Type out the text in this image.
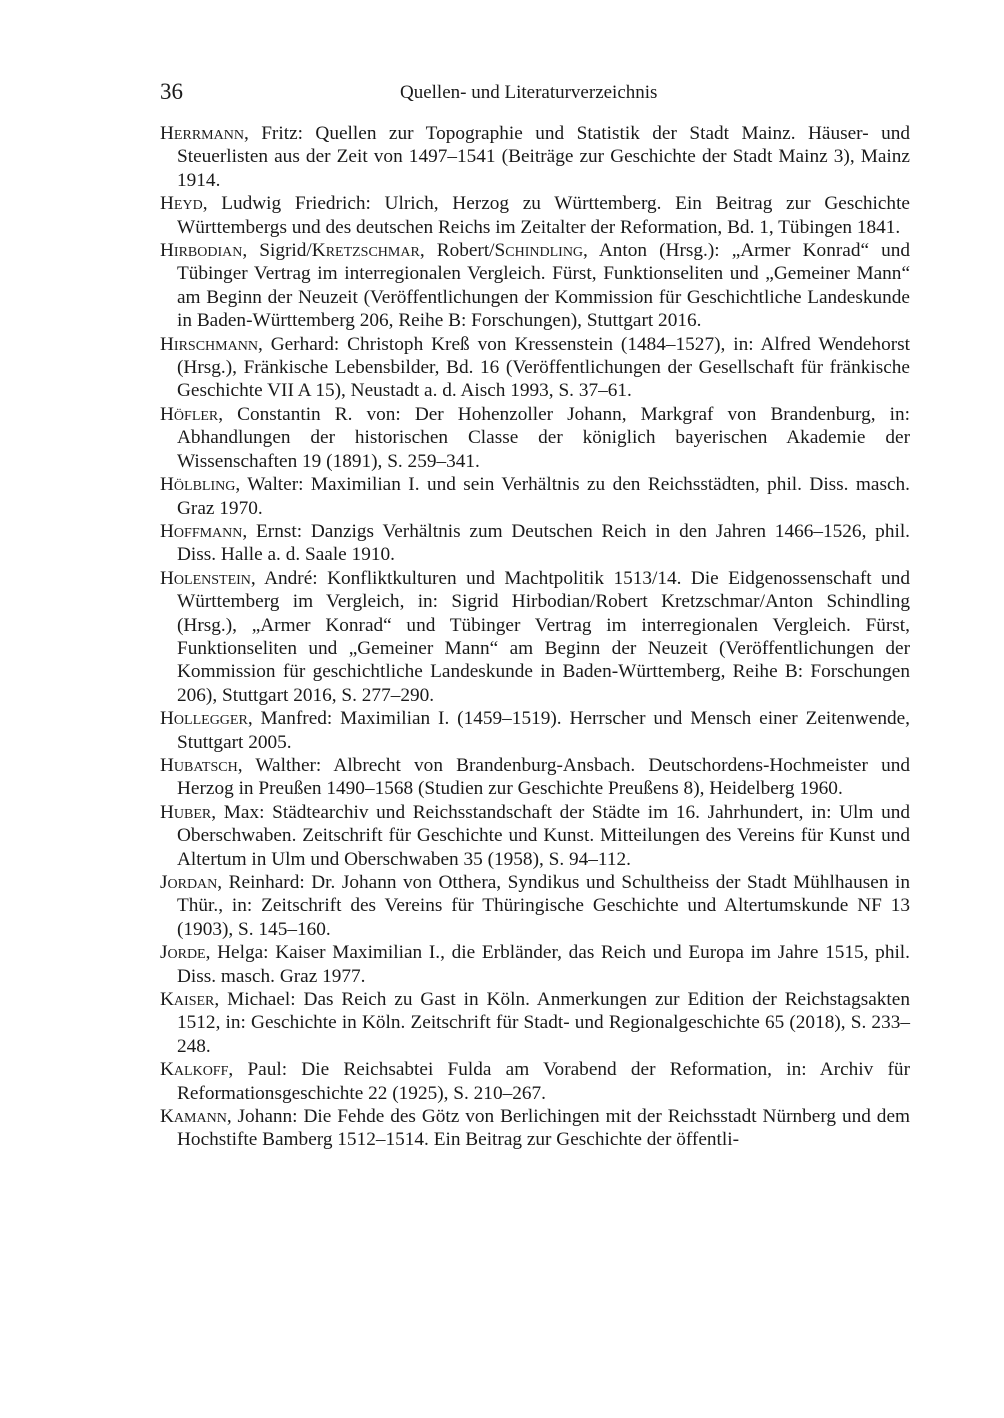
36	Quellen- und Literaturverzeichnis
Herrmann, Fritz: Quellen zur Topographie und Statistik der Stadt Mainz. Häuser- und Steuerlisten aus der Zeit von 1497–1541 (Beiträge zur Geschichte der Stadt Mainz 3), Mainz 1914.
Heyd, Ludwig Friedrich: Ulrich, Herzog zu Württemberg. Ein Beitrag zur Geschichte Württembergs und des deutschen Reichs im Zeitalter der Reformation, Bd. 1, Tübingen 1841.
Hirbodian, Sigrid/Kretzschmar, Robert/Schindling, Anton (Hrsg.): „Armer Konrad“ und Tübinger Vertrag im interregionalen Vergleich. Fürst, Funktionseliten und „Gemeiner Mann“ am Beginn der Neuzeit (Veröffentlichungen der Kommission für Geschichtliche Landeskunde in Baden-Württemberg 206, Reihe B: Forschungen), Stuttgart 2016.
Hirschmann, Gerhard: Christoph Kreß von Kressenstein (1484–1527), in: Alfred Wendehorst (Hrsg.), Fränkische Lebensbilder, Bd. 16 (Veröffentlichungen der Gesellschaft für fränkische Geschichte VII A 15), Neustadt a. d. Aisch 1993, S. 37–61.
Höfler, Constantin R. von: Der Hohenzoller Johann, Markgraf von Brandenburg, in: Abhandlungen der historischen Classe der königlich bayerischen Akademie der Wissenschaften 19 (1891), S. 259–341.
Hölbling, Walter: Maximilian I. und sein Verhältnis zu den Reichsstädten, phil. Diss. masch. Graz 1970.
Hoffmann, Ernst: Danzigs Verhältnis zum Deutschen Reich in den Jahren 1466–1526, phil. Diss. Halle a. d. Saale 1910.
Holenstein, André: Konfliktkulturen und Machtpolitik 1513/14. Die Eidgenossenschaft und Württemberg im Vergleich, in: Sigrid Hirbodian/Robert Kretzschmar/Anton Schindling (Hrsg.), „Armer Konrad“ und Tübinger Vertrag im interregionalen Vergleich. Fürst, Funktionseliten und „Gemeiner Mann“ am Beginn der Neuzeit (Veröffentlichungen der Kommission für geschichtliche Landeskunde in Baden-Württemberg, Reihe B: Forschungen 206), Stuttgart 2016, S. 277–290.
Hollegger, Manfred: Maximilian I. (1459–1519). Herrscher und Mensch einer Zeitenwende, Stuttgart 2005.
Hubatsch, Walther: Albrecht von Brandenburg-Ansbach. Deutschordens-Hochmeister und Herzog in Preußen 1490–1568 (Studien zur Geschichte Preußens 8), Heidelberg 1960.
Huber, Max: Städtearchiv und Reichsstandschaft der Städte im 16. Jahrhundert, in: Ulm und Oberschwaben. Zeitschrift für Geschichte und Kunst. Mitteilungen des Vereins für Kunst und Altertum in Ulm und Oberschwaben 35 (1958), S. 94–112.
Jordan, Reinhard: Dr. Johann von Otthera, Syndikus und Schultheiss der Stadt Mühlhausen in Thür., in: Zeitschrift des Vereins für Thüringische Geschichte und Altertumskunde NF 13 (1903), S. 145–160.
Jorde, Helga: Kaiser Maximilian I., die Erbländer, das Reich und Europa im Jahre 1515, phil. Diss. masch. Graz 1977.
Kaiser, Michael: Das Reich zu Gast in Köln. Anmerkungen zur Edition der Reichstagsakten 1512, in: Geschichte in Köln. Zeitschrift für Stadt- und Regionalgeschichte 65 (2018), S. 233–248.
Kalkoff, Paul: Die Reichsabtei Fulda am Vorabend der Reformation, in: Archiv für Reformationsgeschichte 22 (1925), S. 210–267.
Kamann, Johann: Die Fehde des Götz von Berlichingen mit der Reichsstadt Nürnberg und dem Hochstifte Bamberg 1512–1514. Ein Beitrag zur Geschichte der öffentli-
